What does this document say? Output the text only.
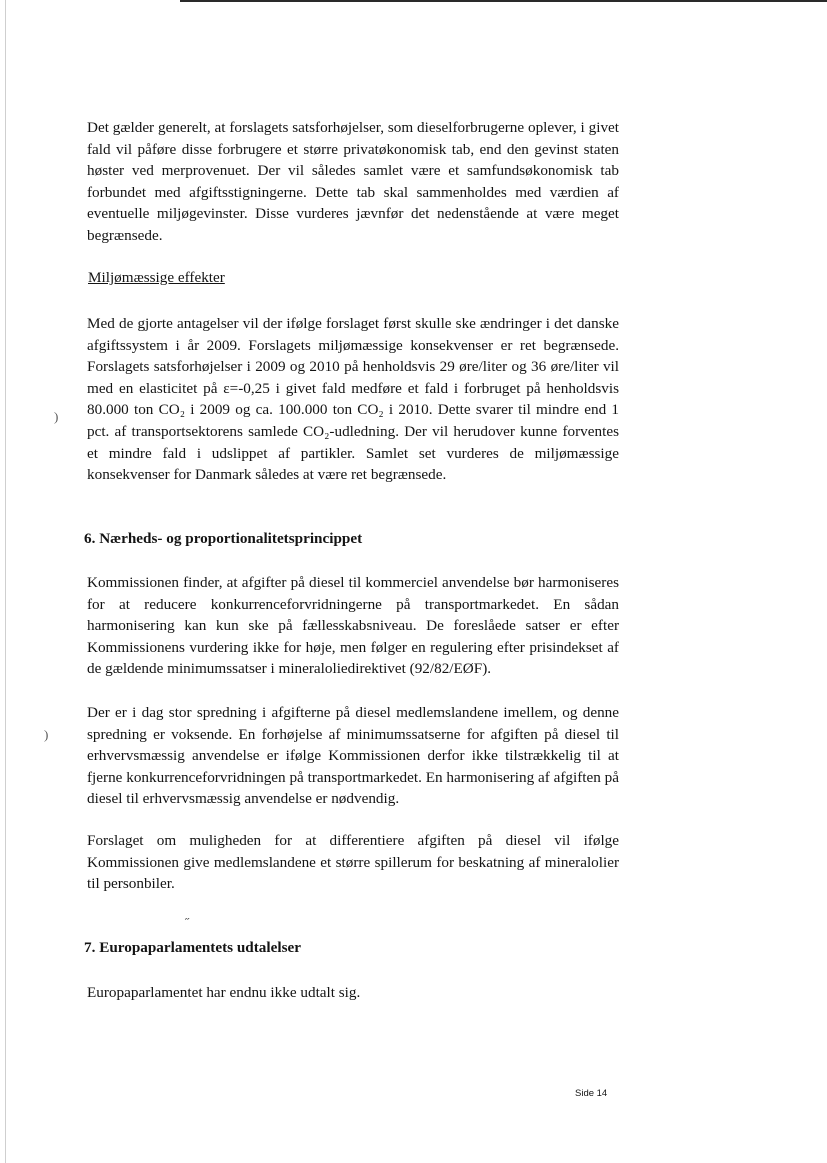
Det gælder generelt, at forslagets satsforhøjelser, som dieselforbrugerne oplever, i givet fald vil påføre disse forbrugere et større privatøkonomisk tab, end den gevinst staten høster ved merprovenuet. Der vil således samlet være et samfundsøkonomisk tab forbundet med afgiftsstigningerne. Dette tab skal sammenholdes med værdien af eventuelle miljøgevinster. Disse vurderes jævnfør det nedenstående at være meget begrænsede.

Miljømæssige effekter

Med de gjorte antagelser vil der ifølge forslaget først skulle ske ændringer i det danske afgiftssystem i år 2009. Forslagets miljømæssige konsekvenser er ret begrænsede. Forslagets satsforhøjelser i 2009 og 2010 på henholdsvis 29 øre/liter og 36 øre/liter vil med en elasticitet på ε=-0,25 i givet fald medføre et fald i forbruget på henholdsvis 80.000 ton CO₂ i 2009 og ca. 100.000 ton CO₂ i 2010. Dette svarer til mindre end 1 pct. af transportsektorens samlede CO₂-udledning. Der vil herudover kunne forventes et mindre fald i udslippet af partikler. Samlet set vurderes de miljømæssige konsekvenser for Danmark således at være ret begrænsede.

6. Nærheds- og proportionalitetsprincippet

Kommissionen finder, at afgifter på diesel til kommerciel anvendelse bør harmoniseres for at reducere konkurrenceforvridningerne på transportmarkedet. En sådan harmonisering kan kun ske på fællesskabsniveau. De foreslåede satser er efter Kommissionens vurdering ikke for høje, men følger en regulering efter prisindekset af de gældende minimumssatser i mineraloliedirektivet (92/82/EØF).

Der er i dag stor spredning i afgifterne på diesel medlemslandene imellem, og denne spredning er voksende. En forhøjelse af minimumssatserne for afgiften på diesel til erhvervsmæssig anvendelse er ifølge Kommissionen derfor ikke tilstrækkelig til at fjerne konkurrenceforvridningen på transportmarkedet. En harmonisering af afgiften på diesel til erhvervsmæssig anvendelse er nødvendig.

Forslaget om muligheden for at differentiere afgiften på diesel vil ifølge Kommissionen give medlemslandene et større spillerum for beskatning af mineralolier til personbiler.

7. Europaparlamentets udtalelser

Europaparlamentet har endnu ikke udtalt sig.

Side 14

)
)
˶
